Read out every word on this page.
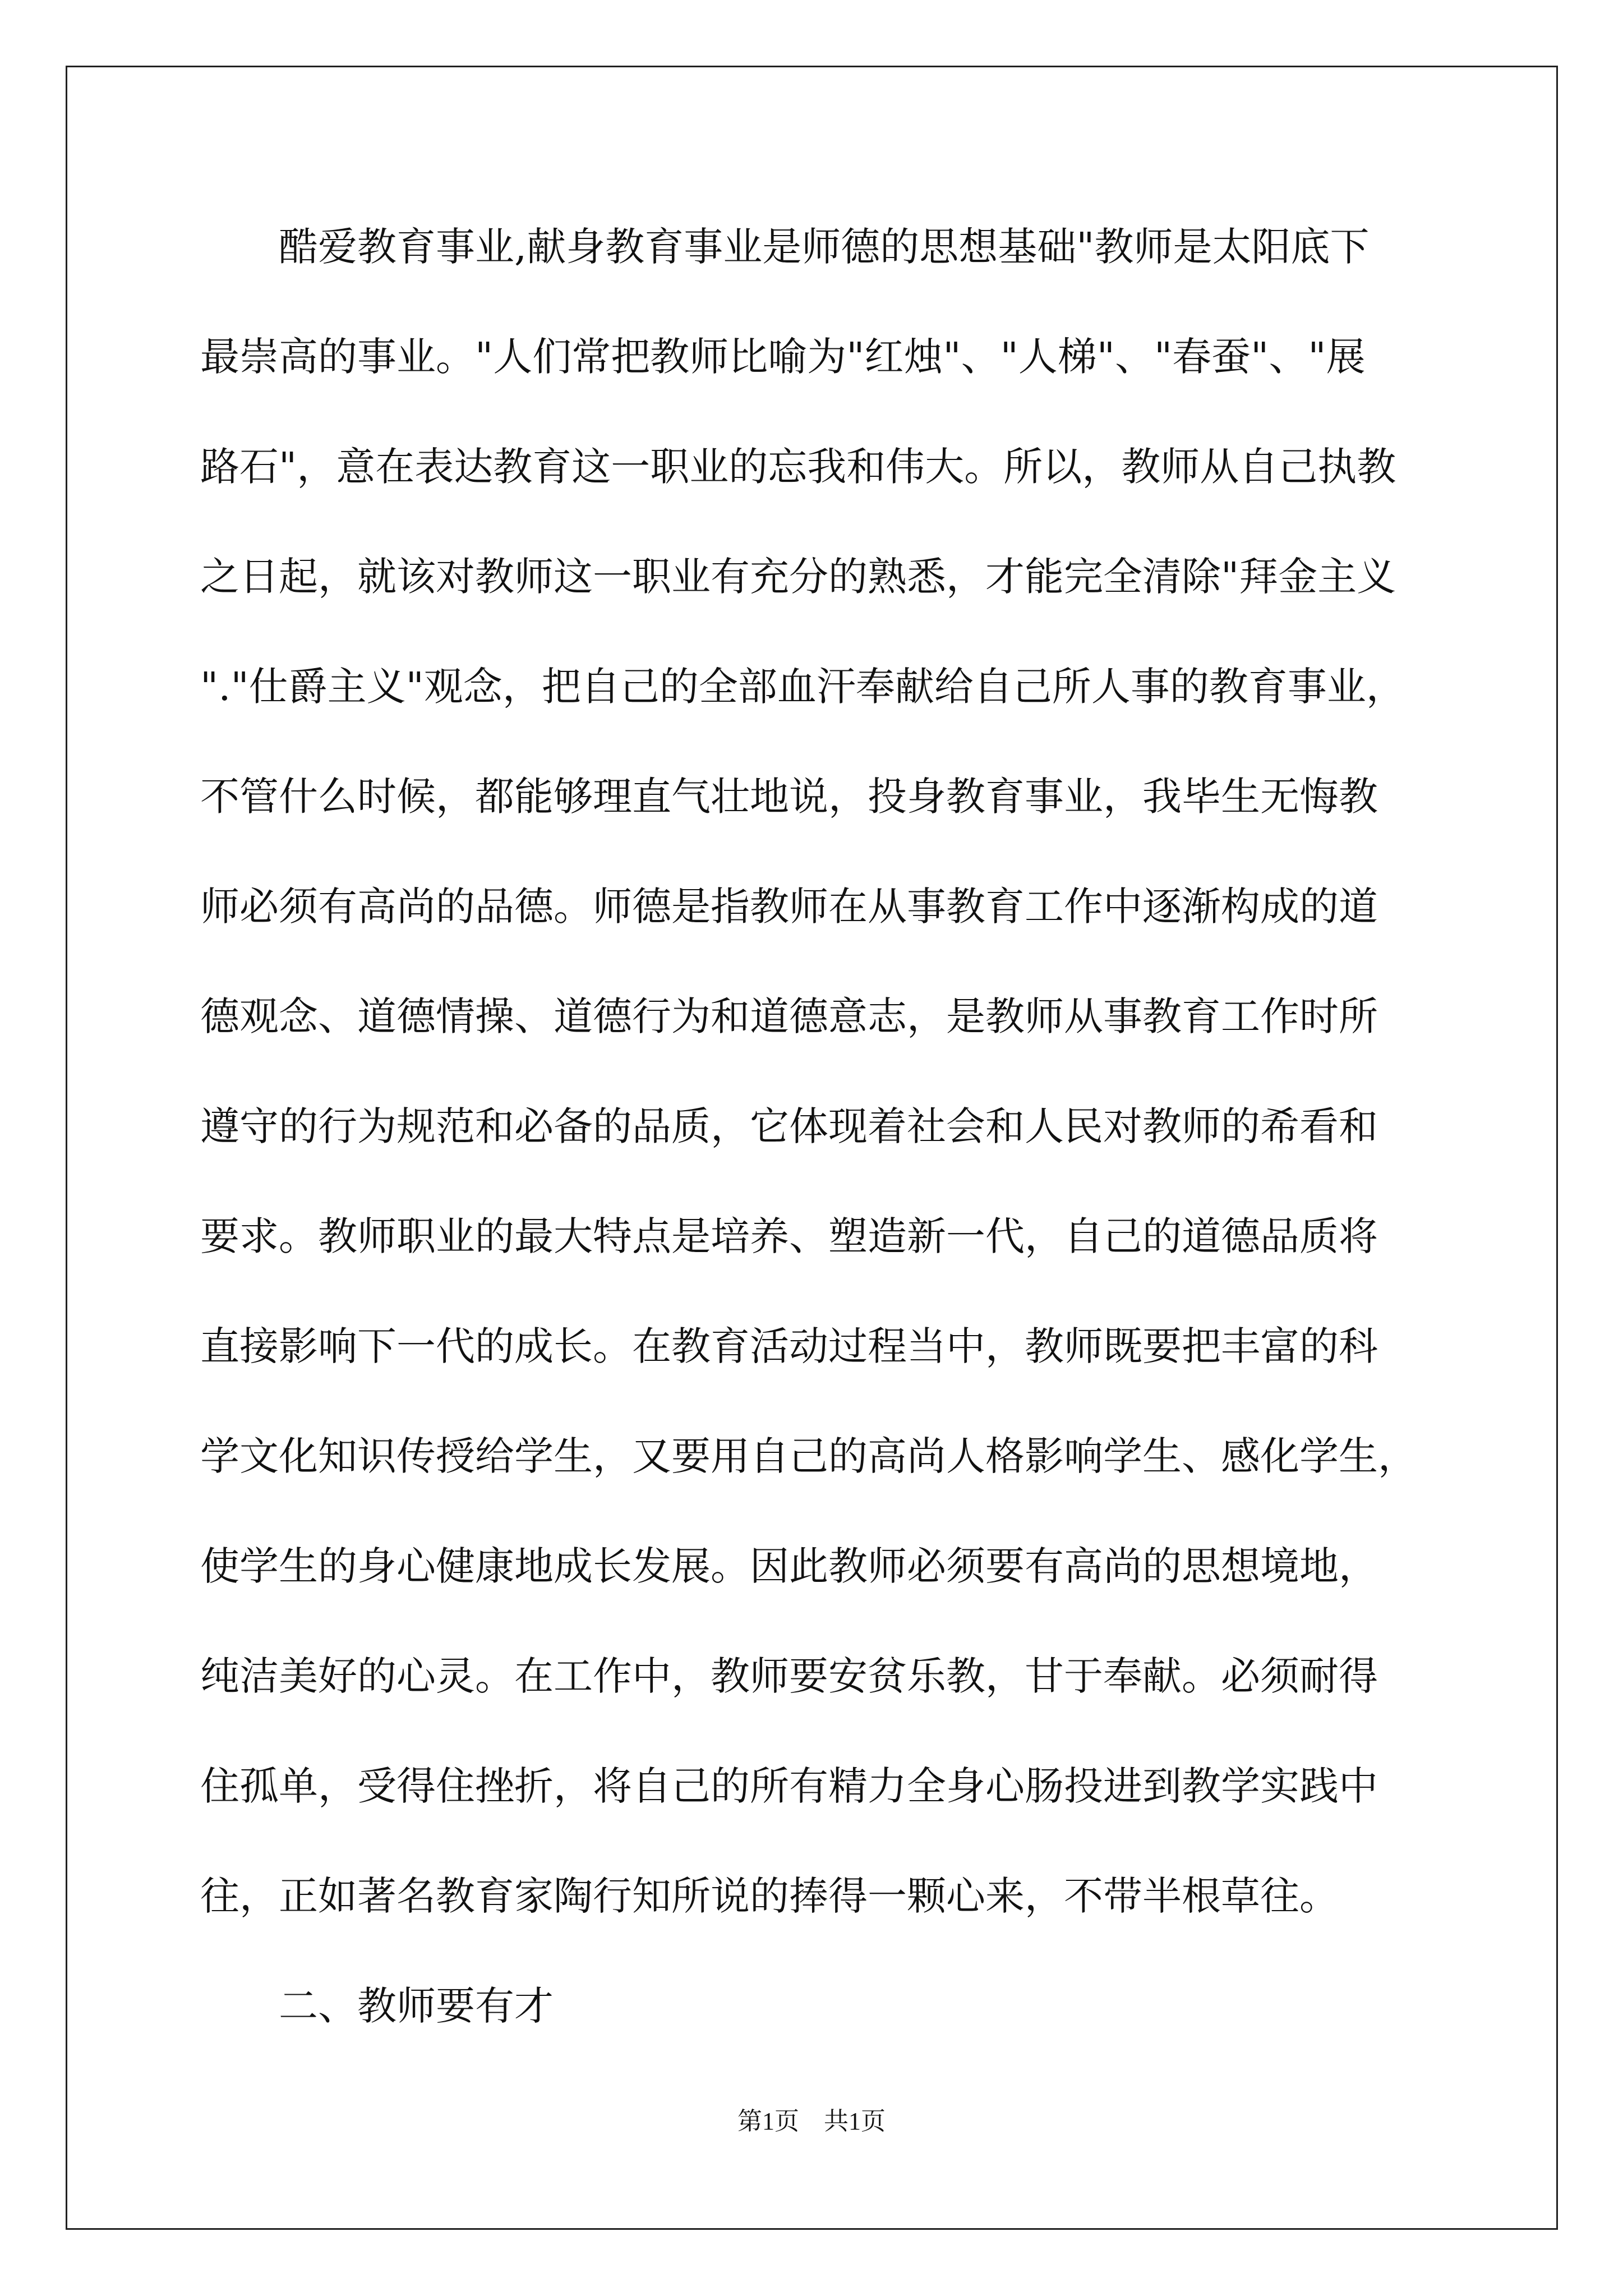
酷爱教育事业,献身教育事业是师德的思想基础"教师是太阳底下
最崇高的事业。"人们常把教师比喻为"红烛"、"人梯"、"春蚕"、"展
路石"，意在表达教育这一职业的忘我和伟大。所以，教师从自己执教
之日起，就该对教师这一职业有充分的熟悉，才能完全清除"拜金主义
"."仕爵主义"观念，把自己的全部血汗奉献给自己所人事的教育事业，
不管什么时候，都能够理直气壮地说，投身教育事业，我毕生无悔教
师必须有高尚的品德。师德是指教师在从事教育工作中逐渐构成的道
德观念、道德情操、道德行为和道德意志，是教师从事教育工作时所
遵守的行为规范和必备的品质，它体现着社会和人民对教师的希看和
要求。教师职业的最大特点是培养、塑造新一代，自己的道德品质将
直接影响下一代的成长。在教育活动过程当中，教师既要把丰富的科
学文化知识传授给学生，又要用自己的高尚人格影响学生、感化学生，
使学生的身心健康地成长发展。因此教师必须要有高尚的思想境地，
纯洁美好的心灵。在工作中，教师要安贫乐教，甘于奉献。必须耐得
住孤单，受得住挫折，将自己的所有精力全身心肠投进到教学实践中
往，正如著名教育家陶行知所说的捧得一颗心来，不带半根草往。
二、教师要有才
第1页　共1页
